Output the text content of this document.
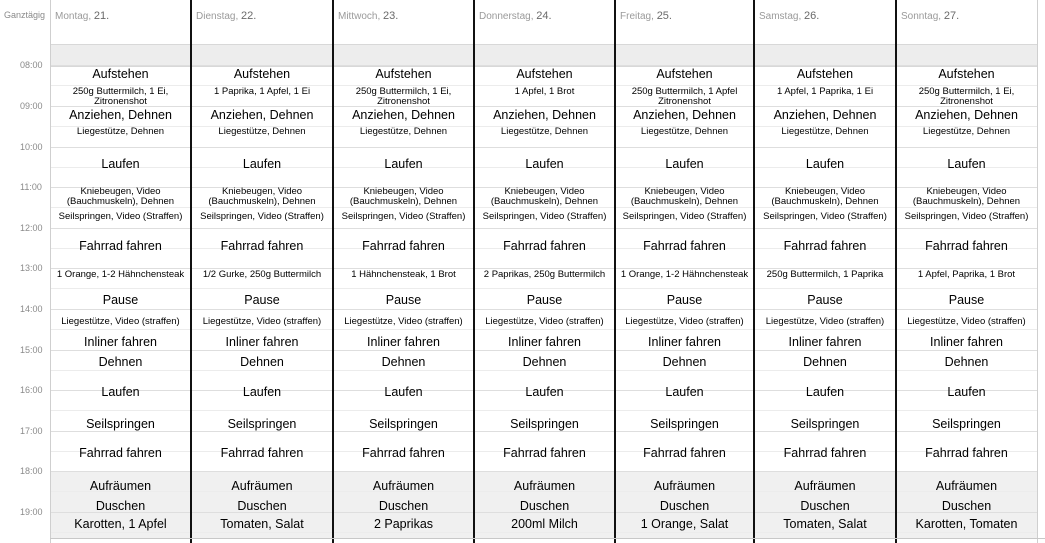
Ganztägig
08:00
09:00
10:00
11:00
12:00
13:00
14:00
15:00
16:00
17:00
18:00
19:00
Montag, 21.
Aufstehen
250g Buttermilch, 1 Ei, Zitronenshot
Anziehen, Dehnen
Liegestütze, Dehnen
Laufen
Kniebeugen, Video (Bauchmuskeln), Dehnen
Seilspringen, Video (Straffen)
Fahrrad fahren
1 Orange, 1-2 Hähnchensteak
Pause
Liegestütze, Video (straffen)
Inliner fahren
Dehnen
Laufen
Seilspringen
Fahrrad fahren
Aufräumen
Duschen
Karotten, 1 Apfel
Dienstag, 22.
Aufstehen
1 Paprika, 1 Apfel, 1 Ei
Anziehen, Dehnen
Liegestütze, Dehnen
Laufen
Kniebeugen, Video (Bauchmuskeln), Dehnen
Seilspringen, Video (Straffen)
Fahrrad fahren
1/2 Gurke, 250g Buttermilch
Pause
Liegestütze, Video (straffen)
Inliner fahren
Dehnen
Laufen
Seilspringen
Fahrrad fahren
Aufräumen
Duschen
Tomaten, Salat
Mittwoch, 23.
Aufstehen
250g Buttermilch, 1 Ei, Zitronenshot
Anziehen, Dehnen
Liegestütze, Dehnen
Laufen
Kniebeugen, Video (Bauchmuskeln), Dehnen
Seilspringen, Video (Straffen)
Fahrrad fahren
1 Hähnchensteak, 1 Brot
Pause
Liegestütze, Video (straffen)
Inliner fahren
Dehnen
Laufen
Seilspringen
Fahrrad fahren
Aufräumen
Duschen
2 Paprikas
Donnerstag, 24.
Aufstehen
1 Apfel, 1 Brot
Anziehen, Dehnen
Liegestütze, Dehnen
Laufen
Kniebeugen, Video (Bauchmuskeln), Dehnen
Seilspringen, Video (Straffen)
Fahrrad fahren
2 Paprikas, 250g Buttermilch
Pause
Liegestütze, Video (straffen)
Inliner fahren
Dehnen
Laufen
Seilspringen
Fahrrad fahren
Aufräumen
Duschen
200ml Milch
Freitag, 25.
Aufstehen
250g Buttermilch, 1 Apfel Zitronenshot
Anziehen, Dehnen
Liegestütze, Dehnen
Laufen
Kniebeugen, Video (Bauchmuskeln), Dehnen
Seilspringen, Video (Straffen)
Fahrrad fahren
1 Orange, 1-2 Hähnchensteak
Pause
Liegestütze, Video (straffen)
Inliner fahren
Dehnen
Laufen
Seilspringen
Fahrrad fahren
Aufräumen
Duschen
1 Orange, Salat
Samstag, 26.
Aufstehen
1 Apfel, 1 Paprika, 1 Ei
Anziehen, Dehnen
Liegestütze, Dehnen
Laufen
Kniebeugen, Video (Bauchmuskeln), Dehnen
Seilspringen, Video (Straffen)
Fahrrad fahren
250g Buttermilch, 1 Paprika
Pause
Liegestütze, Video (straffen)
Inliner fahren
Dehnen
Laufen
Seilspringen
Fahrrad fahren
Aufräumen
Duschen
Tomaten, Salat
Sonntag, 27.
Aufstehen
250g Buttermilch, 1 Ei, Zitronenshot
Anziehen, Dehnen
Liegestütze, Dehnen
Laufen
Kniebeugen, Video (Bauchmuskeln), Dehnen
Seilspringen, Video (Straffen)
Fahrrad fahren
1 Apfel, Paprika, 1 Brot
Pause
Liegestütze, Video (straffen)
Inliner fahren
Dehnen
Laufen
Seilspringen
Fahrrad fahren
Aufräumen
Duschen
Karotten, Tomaten
